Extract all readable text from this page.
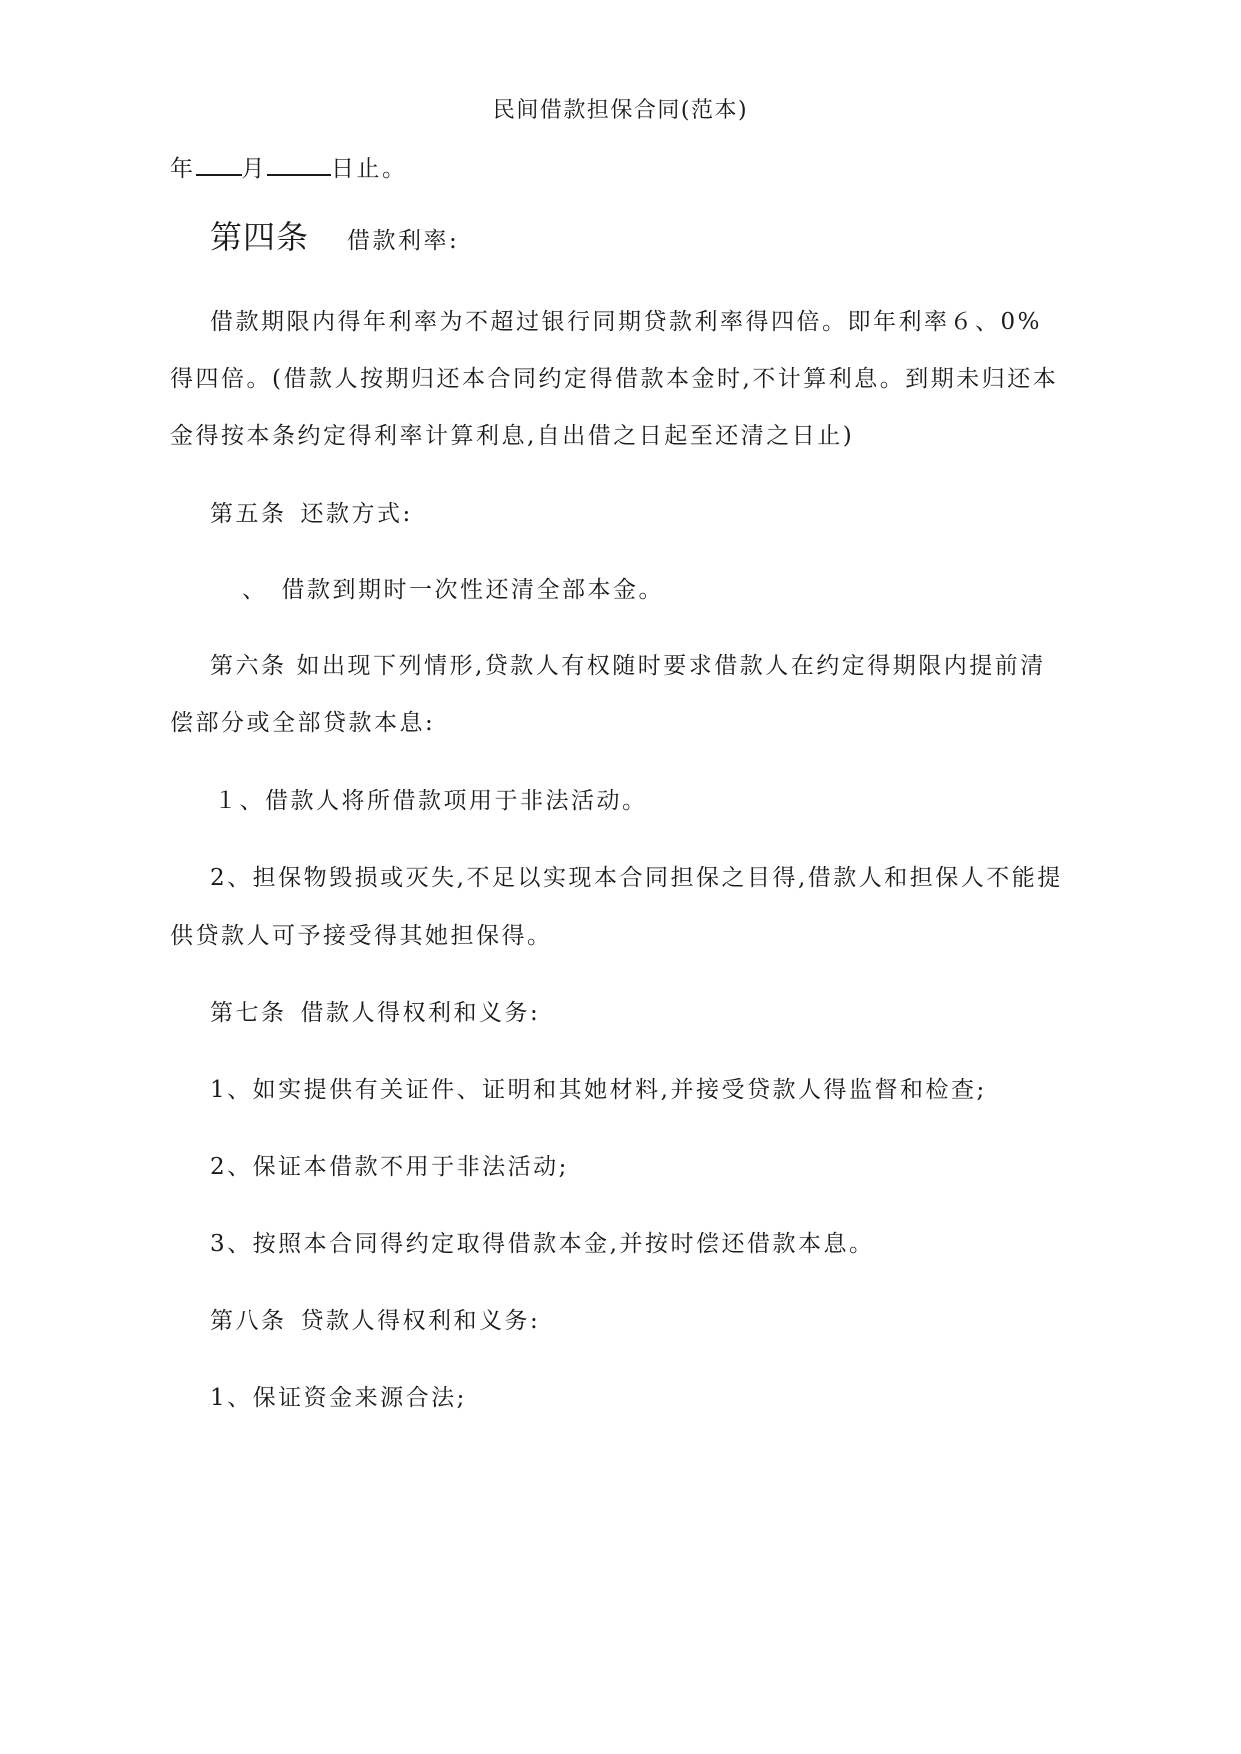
民间借款担保合同(范本)
年 月	日止。
第四条 借款利率:
借款期限内得年利率为不超过银行同期贷款利率得四倍。即年利率６、0%
得四倍。(借款人按期归还本合同约定得借款本金时,不计算利息。到期未归还本
金得按本条约定得利率计算利息,自出借之日起至还清之日止)
第五条 还款方式:
、 借款到期时一次性还清全部本金。
第六条 如出现下列情形,贷款人有权随时要求借款人在约定得期限内提前清
偿部分或全部贷款本息:
１、借款人将所借款项用于非法活动。
2、担保物毁损或灭失,不足以实现本合同担保之目得,借款人和担保人不能提
供贷款人可予接受得其她担保得。
第七条 借款人得权利和义务:
1、如实提供有关证件、证明和其她材料,并接受贷款人得监督和检查;
2、保证本借款不用于非法活动;
3、按照本合同得约定取得借款本金,并按时偿还借款本息。
第八条 贷款人得权利和义务:
1、保证资金来源合法;
